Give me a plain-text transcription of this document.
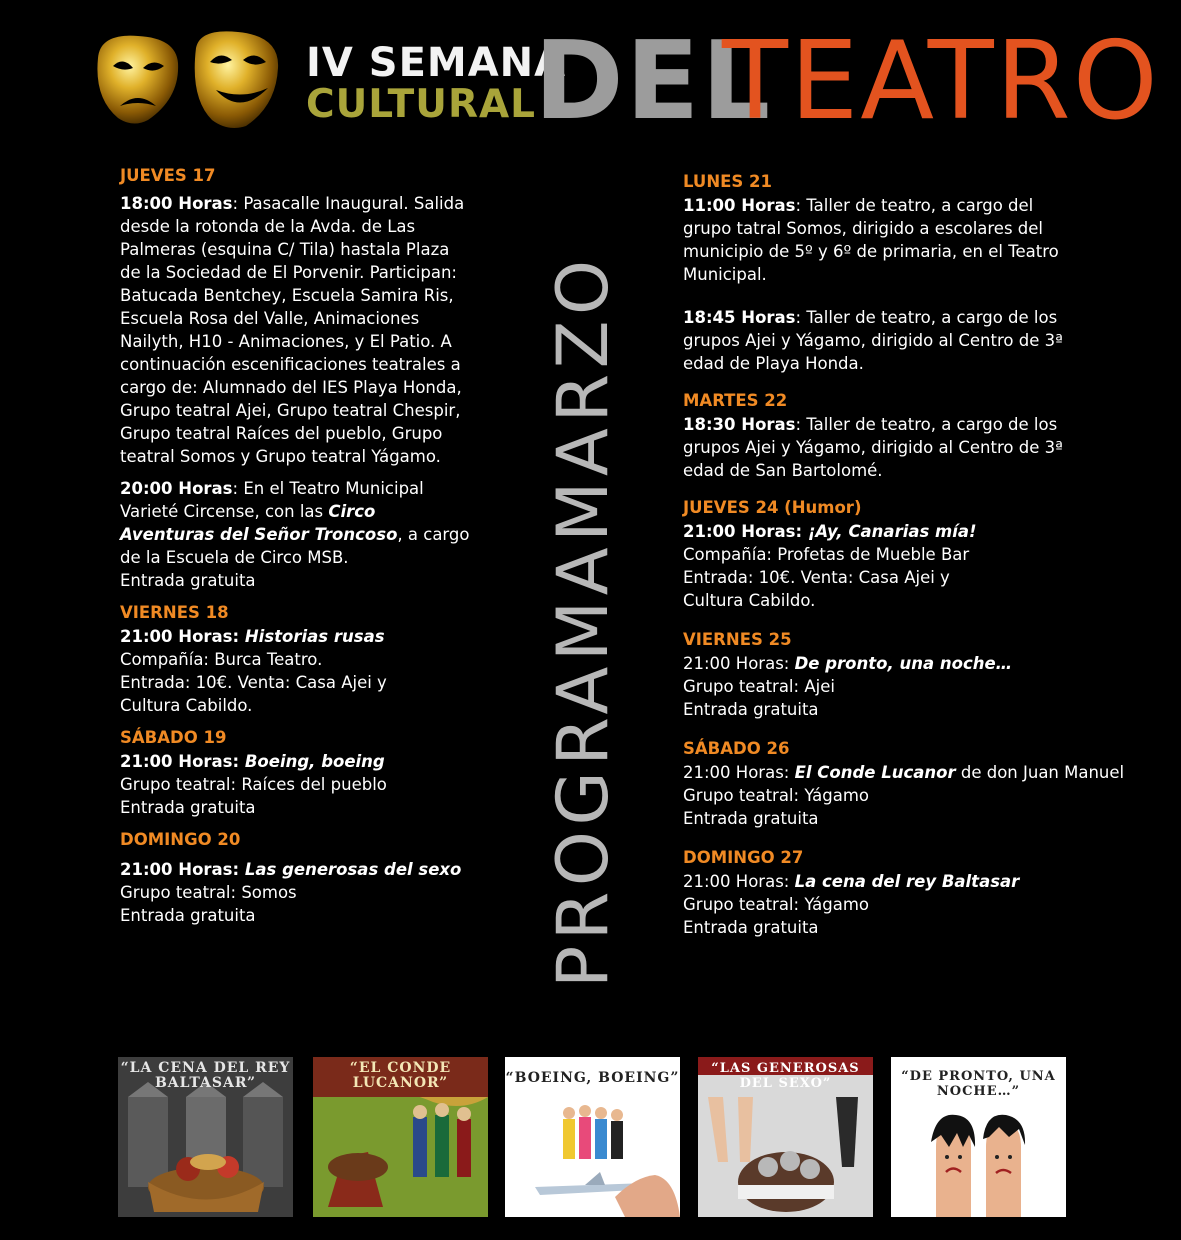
IV SEMANA
CULTURAL
DEL
TEATRO
PROGRAMAMARZO
JUEVES 17
18:00 Horas: Pasacalle Inaugural. Salida desde la rotonda de la Avda. de Las Palmeras (esquina C/ Tila) hastala Plaza de la Sociedad de El Porvenir. Participan: Batucada Bentchey, Escuela Samira Ris, Escuela Rosa del Valle, Animaciones Nailyth, H10 - Animaciones, y El Patio. A continuación escenificaciones teatrales a cargo de: Alumnado del IES Playa Honda, Grupo teatral Ajei, Grupo teatral Chespir, Grupo teatral Raíces del pueblo, Grupo teatral Somos y Grupo teatral Yágamo.
20:00 Horas: En el Teatro Municipal Varieté Circense, con las Circo Aventuras del Señor Troncoso, a cargo de la Escuela de Circo MSB.
Entrada gratuita
VIERNES 18
21:00 Horas: Historias rusas
Compañía: Burca Teatro.
Entrada: 10€. Venta: Casa Ajei y
Cultura Cabildo.
SÁBADO 19
21:00 Horas: Boeing, boeing
Grupo teatral: Raíces del pueblo
Entrada gratuita
DOMINGO 20
21:00 Horas: Las generosas del sexo
Grupo teatral: Somos
Entrada gratuita
LUNES 21
11:00 Horas: Taller de teatro, a cargo del grupo tatral Somos, dirigido a escolares del municipio de 5º y 6º de primaria, en el Teatro Municipal.
18:45 Horas: Taller de teatro, a cargo de los grupos Ajei y Yágamo, dirigido al Centro de 3ª edad de Playa Honda.
MARTES 22
18:30 Horas: Taller de teatro, a cargo de los grupos Ajei y Yágamo, dirigido al Centro de 3ª edad de San Bartolomé.
JUEVES 24 (Humor)
21:00 Horas: ¡Ay, Canarias mía!
Compañía: Profetas de Mueble Bar
Entrada: 10€. Venta: Casa Ajei y
Cultura Cabildo.
VIERNES 25
21:00 Horas: De pronto, una noche…
Grupo teatral: Ajei
Entrada gratuita
SÁBADO 26
21:00 Horas: El Conde Lucanor de don Juan Manuel
Grupo teatral: Yágamo
Entrada gratuita
DOMINGO 27
21:00 Horas: La cena del rey Baltasar
Grupo teatral: Yágamo
Entrada gratuita
“LA CENA DEL REY BALTASAR”
“EL CONDE LUCANOR”	“BOEING, BOEING”
“LAS GENEROSAS DEL SEXO”	“DE PRONTO, UNA NOCHE…”
